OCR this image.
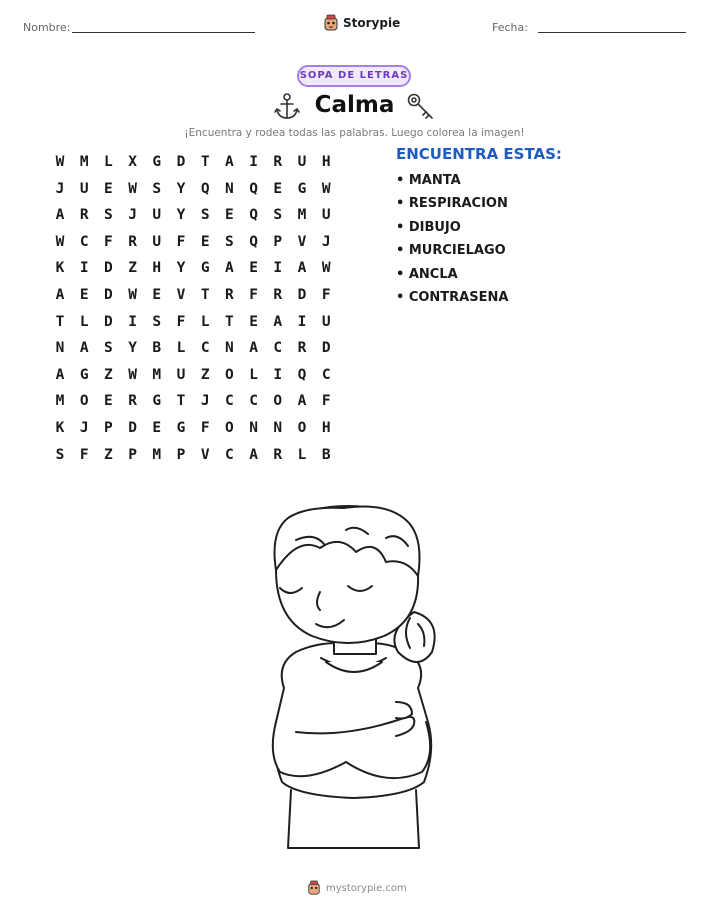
Nombre:	Storypie	Fecha:
SOPA DE LETRAS
Calma
¡Encuentra y rodea todas las palabras. Luego colorea la imagen!
W	M	L	X	G	D	T	A	I	R	U	H
J	U	E	W	S	Y	Q	N	Q	E	G	W
A	R	S	J	U	Y	S	E	Q	S	M	U
W	C	F	R	U	F	E	S	Q	P	V	J
K	I	D	Z	H	Y	G	A	E	I	A	W
A	E	D	W	E	V	T	R	F	R	D	F
T	L	D	I	S	F	L	T	E	A	I	U
N	A	S	Y	B	L	C	N	A	C	R	D
A	G	Z	W	M	U	Z	O	L	I	Q	C
M	O	E	R	G	T	J	C	C	O	A	F
K	J	P	D	E	G	F	O	N	N	O	H
S	F	Z	P	M	P	V	C	A	R	L	B
ENCUENTRA ESTAS:
• MANTA
• RESPIRACION
• DIBUJO
• MURCIELAGO
• ANCLA
• CONTRASENA
mystorypie.com
